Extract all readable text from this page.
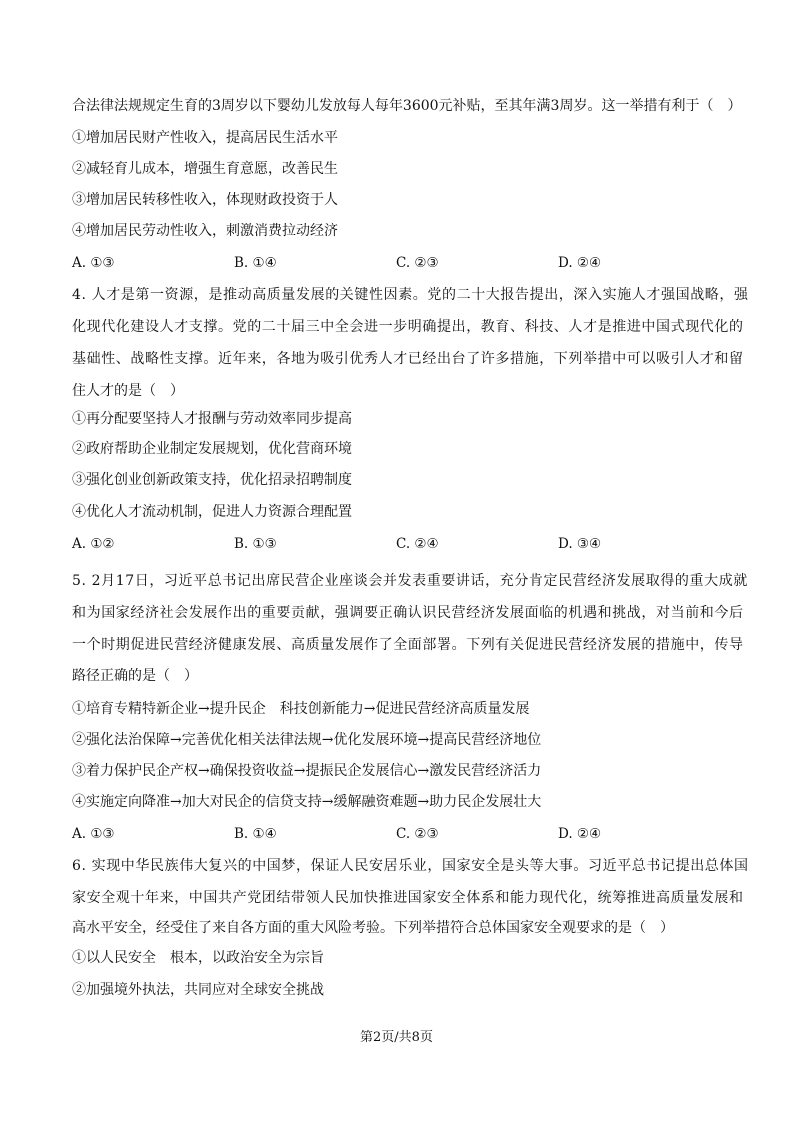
合法律法规规定生育的3周岁以下婴幼儿发放每人每年3600元补贴，至其年满3周岁。这一举措有利于（　）
①增加居民财产性收入，提高居民生活水平
②减轻育儿成本，增强生育意愿，改善民生
③增加居民转移性收入，体现财政投资于人
④增加居民劳动性收入，刺激消费拉动经济
A. ①③	B. ①④	C. ②③	D. ②④
4. 人才是第一资源，是推动高质量发展的关键性因素。党的二十大报告提出，深入实施人才强国战略，强
化现代化建设人才支撑。党的二十届三中全会进一步明确提出，教育、科技、人才是推进中国式现代化的
基础性、战略性支撑。近年来，各地为吸引优秀人才已经出台了许多措施，下列举措中可以吸引人才和留
住人才的是（　）
①再分配要坚持人才报酬与劳动效率同步提高
②政府帮助企业制定发展规划，优化营商环境
③强化创业创新政策支持，优化招录招聘制度
④优化人才流动机制，促进人力资源合理配置
A. ①②	B. ①③	C. ②④	D. ③④
5. 2月17日，习近平总书记出席民营企业座谈会并发表重要讲话，充分肯定民营经济发展取得的重大成就
和为国家经济社会发展作出的重要贡献，强调要正确认识民营经济发展面临的机遇和挑战，对当前和今后
一个时期促进民营经济健康发展、高质量发展作了全面部署。下列有关促进民营经济发展的措施中，传导
路径正确的是（　）
①培育专精特新企业→提升民企　科技创新能力→促进民营经济高质量发展
②强化法治保障→完善优化相关法律法规→优化发展环境→提高民营经济地位
③着力保护民企产权→确保投资收益→提振民企发展信心→激发民营经济活力
④实施定向降准→加大对民企的信贷支持→缓解融资难题→助力民企发展壮大
A. ①③	B. ①④	C. ②③	D. ②④
6. 实现中华民族伟大复兴的中国梦，保证人民安居乐业，国家安全是头等大事。习近平总书记提出总体国
家安全观十年来，中国共产党团结带领人民加快推进国家安全体系和能力现代化，统筹推进高质量发展和
高水平安全，经受住了来自各方面的重大风险考验。下列举措符合总体国家安全观要求的是（　）
①以人民安全　根本，以政治安全为宗旨
②加强境外执法，共同应对全球安全挑战
第2页/共8页
